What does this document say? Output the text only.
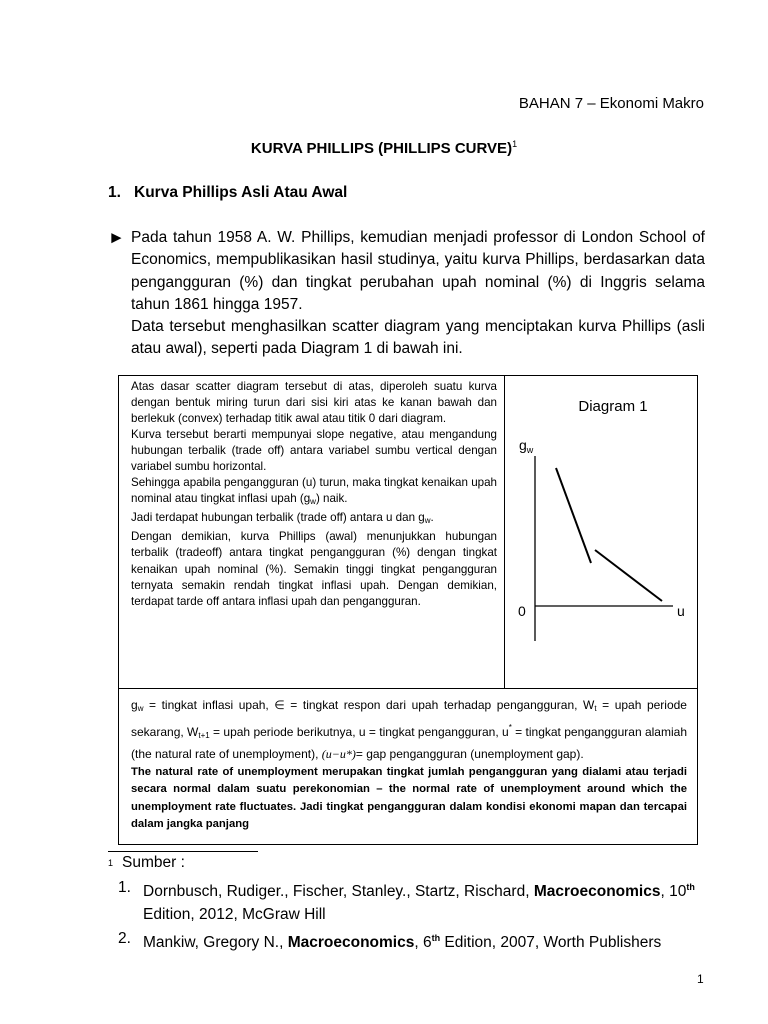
BAHAN 7 – Ekonomi Makro
KURVA PHILLIPS (PHILLIPS CURVE)$^1$
1. Kurva Phillips Asli Atau Awal
► Pada tahun 1958 A. W. Phillips, kemudian menjadi professor di London School of Economics, mempublikasikan hasil studinya, yaitu kurva Phillips, berdasarkan data pengangguran (%) dan tingkat perubahan upah nominal (%) di Inggris selama tahun 1861 hingga 1957.
Data tersebut menghasilkan scatter diagram yang menciptakan kurva Phillips (asli atau awal), seperti pada Diagram 1 di bawah ini.

Atas dasar scatter diagram tersebut di atas, diperoleh suatu kurva dengan bentuk miring turun dari sisi kiri atas ke kanan bawah dan berlekuk (convex) terhadap titik awal atau titik 0 dari diagram.

Kurva tersebut berarti mempunyai slope negative, atau mengandung hubungan terbalik (trade off) antara variabel sumbu vertical dengan variabel sumbu horizontal.

Sehingga apabila pengangguran (u) turun, maka tingkat kenaikan upah nominal atau tingkat inflasi upah $(g_w)$ naik.

Jadi terdapat hubungan terbalik (trade off) antara u dan $g_w$.

Dengan demikian, kurva Phillips (awal) menunjukkan hubungan terbalik (tradeoff) antara tingkat pengangguran (%) dengan tingkat kenaikan upah nominal (%). Semakin tinggi tingkat pengangguran ternyata semakin rendah tingkat inflasi upah. Dengan demikian, terdapat tarde off antara inflasi upah dan pengangguran.

Diagram 1
$g_w$
0	u

$g_w$ = tingkat inflasi upah, ∈ = tingkat respon dari upah terhadap pengangguran, $W_t$ = upah periode sekarang, $W_{t+1}$ = upah periode berikutnya, u = tingkat pengangguran, u* = tingkat pengangguran alamiah (the natural rate of unemployment), (u−u*)= gap pengangguran (unemployment gap).

The natural rate of unemployment merupakan tingkat jumlah pengangguran yang dialami atau terjadi secara normal dalam suatu perekonomian – the normal rate of unemployment around which the unemployment rate fluctuates. Jadi tingkat pengangguran dalam kondisi ekonomi mapan dan tercapai dalam jangka panjang

1 Sumber :
1. Dornbusch, Rudiger., Fischer, Stanley., Startz, Rischard, Macroeconomics, 10th Edition, 2012, McGraw Hill
2. Mankiw, Gregory N., Macroeconomics, 6th Edition, 2007, Worth Publishers
1
